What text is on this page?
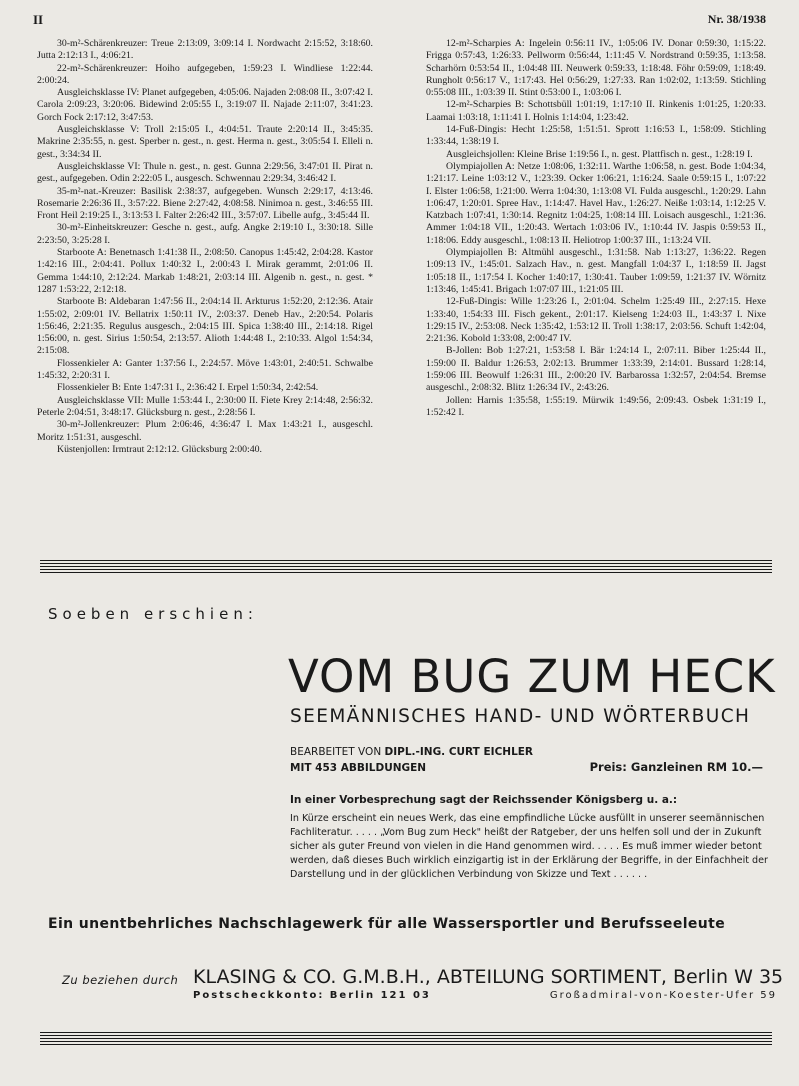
II	Nr. 38/1938

30-m²-Schärenkreuzer: Treue 2:13:09, 3:09:14 I. Nordwacht 2:15:52, 3:18:60. Jutta 2:12:13 I., 4:06:21.

22-m²-Schärenkreuzer: Hoiho aufgegeben, 1:59:23 I. Windliese 1:22:44. 2:00:24.

Ausgleichsklasse IV: Planet aufgegeben, 4:05:06. Najaden 2:08:08 II., 3:07:42 I. Carola 2:09:23, 3:20:06. Bidewind 2:05:55 I., 3:19:07 II. Najade 2:11:07, 3:41:23. Gorch Fock 2:17:12, 3:47:53.

Ausgleichsklasse V: Troll 2:15:05 I., 4:04:51. Traute 2:20:14 II., 3:45:35. Makrine 2:35:55, n. gest. Sperber n. gest., n. gest. Herma n. gest., 3:05:54 I. Elleli n. gest., 3:34:34 II.

Ausgleichsklasse VI: Thule n. gest., n. gest. Gunna 2:29:56, 3:47:01 II. Pirat n. gest., aufgegeben. Odin 2:22:05 I., ausgesch. Schwennau 2:29:34, 3:46:42 I.

35-m²-nat.-Kreuzer: Basilisk 2:38:37, aufgegeben. Wunsch 2:29:17, 4:13:46. Rosemarie 2:26:36 II., 3:57:22. Biene 2:27:42, 4:08:58. Ninimoa n. gest., 3:46:55 III. Front Heil 2:19:25 I., 3:13:53 I. Falter 2:26:42 III., 3:57:07. Libelle aufg., 3:45:44 II.

30-m²-Einheitskreuzer: Gesche n. gest., aufg. Angke 2:19:10 I., 3:30:18. Sille 2:23:50, 3:25:28 I.

Starboote A: Benetnasch 1:41:38 II., 2:08:50. Canopus 1:45:42, 2:04:28. Kastor 1:42:16 III., 2:04:41. Pollux 1:40:32 I., 2:00:43 I. Mirak gerammt, 2:01:06 II. Gemma 1:44:10, 2:12:24. Markab 1:48:21, 2:03:14 III. Algenib n. gest., n. gest. * 1287 1:53:22, 2:12:18.

Starboote B: Aldebaran 1:47:56 II., 2:04:14 II. Arkturus 1:52:20, 2:12:36. Atair 1:55:02, 2:09:01 IV. Bellatrix 1:50:11 IV., 2:03:37. Deneb Hav., 2:20:54. Polaris 1:56:46, 2:21:35. Regulus ausgesch., 2:04:15 III. Spica 1:38:40 III., 2:14:18. Rigel 1:56:00, n. gest. Sirius 1:50:54, 2:13:57. Alioth 1:44:48 I., 2:10:33. Algol 1:54:34, 2:15:08.

Flossenkieler A: Ganter 1:37:56 I., 2:24:57. Möve 1:43:01, 2:40:51. Schwalbe 1:45:32, 2:20:31 I.

Flossenkieler B: Ente 1:47:31 I., 2:36:42 I. Erpel 1:50:34, 2:42:54.

Ausgleichsklasse VII: Mulle 1:53:44 I., 2:30:00 II. Fiete Krey 2:14:48, 2:56:32. Peterle 2:04:51, 3:48:17. Glücksburg n. gest., 2:28:56 I.

30-m²-Jollenkreuzer: Plum 2:06:46, 4:36:47 I. Max 1:43:21 I., ausgeschl. Moritz 1:51:31, ausgeschl.

Küstenjollen: Irmtraut 2:12:12. Glücksburg 2:00:40.

12-m²-Scharpies A: Ingelein 0:56:11 IV., 1:05:06 IV. Donar 0:59:30, 1:15:22. Frigga 0:57:43, 1:26:33. Pellworm 0:56:44, 1:11:45 V. Nordstrand 0:59:35, 1:13:58. Scharhörn 0:53:54 II., 1:04:48 III. Neuwerk 0:59:33, 1:18:48. Föhr 0:59:09, 1:18:49. Rungholt 0:56:17 V., 1:17:43. Hel 0:56:29, 1:27:33. Ran 1:02:02, 1:13:59. Stichling 0:55:08 III., 1:03:39 II. Stint 0:53:00 I., 1:03:06 I.

12-m²-Scharpies B: Schottsbüll 1:01:19, 1:17:10 II. Rinkenis 1:01:25, 1:20:33. Laamai 1:03:18, 1:11:41 I. Holnis 1:14:04, 1:23:42.

14-Fuß-Dingis: Hecht 1:25:58, 1:51:51. Sprott 1:16:53 I., 1:58:09. Stichling 1:33:44, 1:38:19 I.

Ausgleichsjollen: Kleine Brise 1:19:56 I., n. gest. Plattfisch n. gest., 1:28:19 I.

Olympiajollen A: Netze 1:08:06, 1:32:11. Warthe 1:06:58, n. gest. Bode 1:04:34, 1:21:17. Leine 1:03:12 V., 1:23:39. Ocker 1:06:21, 1:16:24. Saale 0:59:15 I., 1:07:22 I. Elster 1:06:58, 1:21:00. Werra 1:04:30, 1:13:08 VI. Fulda ausgeschl., 1:20:29. Lahn 1:06:47, 1:20:01. Spree Hav., 1:14:47. Havel Hav., 1:26:27. Neiße 1:03:14, 1:12:25 V. Katzbach 1:07:41, 1:30:14. Regnitz 1:04:25, 1:08:14 III. Loisach ausgeschl., 1:21:36. Ammer 1:04:18 VII., 1:20:43. Wertach 1:03:06 IV., 1:10:44 IV. Jaspis 0:59:53 II., 1:18:06. Eddy ausgeschl., 1:08:13 II. Heliotrop 1:00:37 III., 1:13:24 VII.

Olympiajollen B: Altmühl ausgeschl., 1:31:58. Nab 1:13:27, 1:36:22. Regen 1:09:13 IV., 1:45:01. Salzach Hav., n. gest. Mangfall 1:04:37 I., 1:18:59 II. Jagst 1:05:18 II., 1:17:54 I. Kocher 1:40:17, 1:30:41. Tauber 1:09:59, 1:21:37 IV. Wörnitz 1:13:46, 1:45:41. Brigach 1:07:07 III., 1:21:05 III.

12-Fuß-Dingis: Wille 1:23:26 I., 2:01:04. Schelm 1:25:49 III., 2:27:15. Hexe 1:33:40, 1:54:33 III. Fisch gekent., 2:01:17. Kielseng 1:24:03 II., 1:43:37 I. Nixe 1:29:15 IV., 2:53:08. Neck 1:35:42, 1:53:12 II. Troll 1:38:17, 2:03:56. Schuft 1:42:04, 2:21:36. Kobold 1:33:08, 2:00:47 IV.

B-Jollen: Bob 1:27:21, 1:53:58 I. Bär 1:24:14 I., 2:07:11. Biber 1:25:44 II., 1:59:00 II. Baldur 1:26:53, 2:02:13. Brummer 1:33:39, 2:14:01. Bussard 1:28:14, 1:59:06 III. Beowulf 1:26:31 III., 2:00:20 IV. Barbarossa 1:32:57, 2:04:54. Bremse ausgeschl., 2:08:32. Blitz 1:26:34 IV., 2:43:26.

Jollen: Harnis 1:35:58, 1:55:19. Mürwik 1:49:56, 2:09:43. Osbek 1:31:19 I., 1:52:42 I.

Soeben erschien:
VOM BUG ZUM HECK
SEEMÄNNISCHES HAND- UND WÖRTERBUCH
BEARBEITET VON DIPL.-ING. CURT EICHLER
MIT 453 ABBILDUNGEN	Preis: Ganzleinen RM 10.—
In einer Vorbesprechung sagt der Reichssender Königsberg u. a.:
In Kürze erscheint ein neues Werk, das eine empfindliche Lücke ausfüllt in unserer seemännischen Fachliteratur. . . . . „Vom Bug zum Heck" heißt der Ratgeber, der uns helfen soll und der in Zukunft sicher als guter Freund von vielen in die Hand genommen wird. . . . . Es muß immer wieder betont werden, daß dieses Buch wirklich einzigartig ist in der Erklärung der Begriffe, in der Einfachheit der Darstellung und in der glücklichen Verbindung von Skizze und Text . . . . . .
Ein unentbehrliches Nachschlagewerk für alle Wassersportler und Berufsseeleute
Zu beziehen durch KLASING & CO. G.M.B.H., ABTEILUNG SORTIMENT, Berlin W 35
Postscheckkonto: Berlin 121 03	Großadmiral-von-Koester-Ufer 59
